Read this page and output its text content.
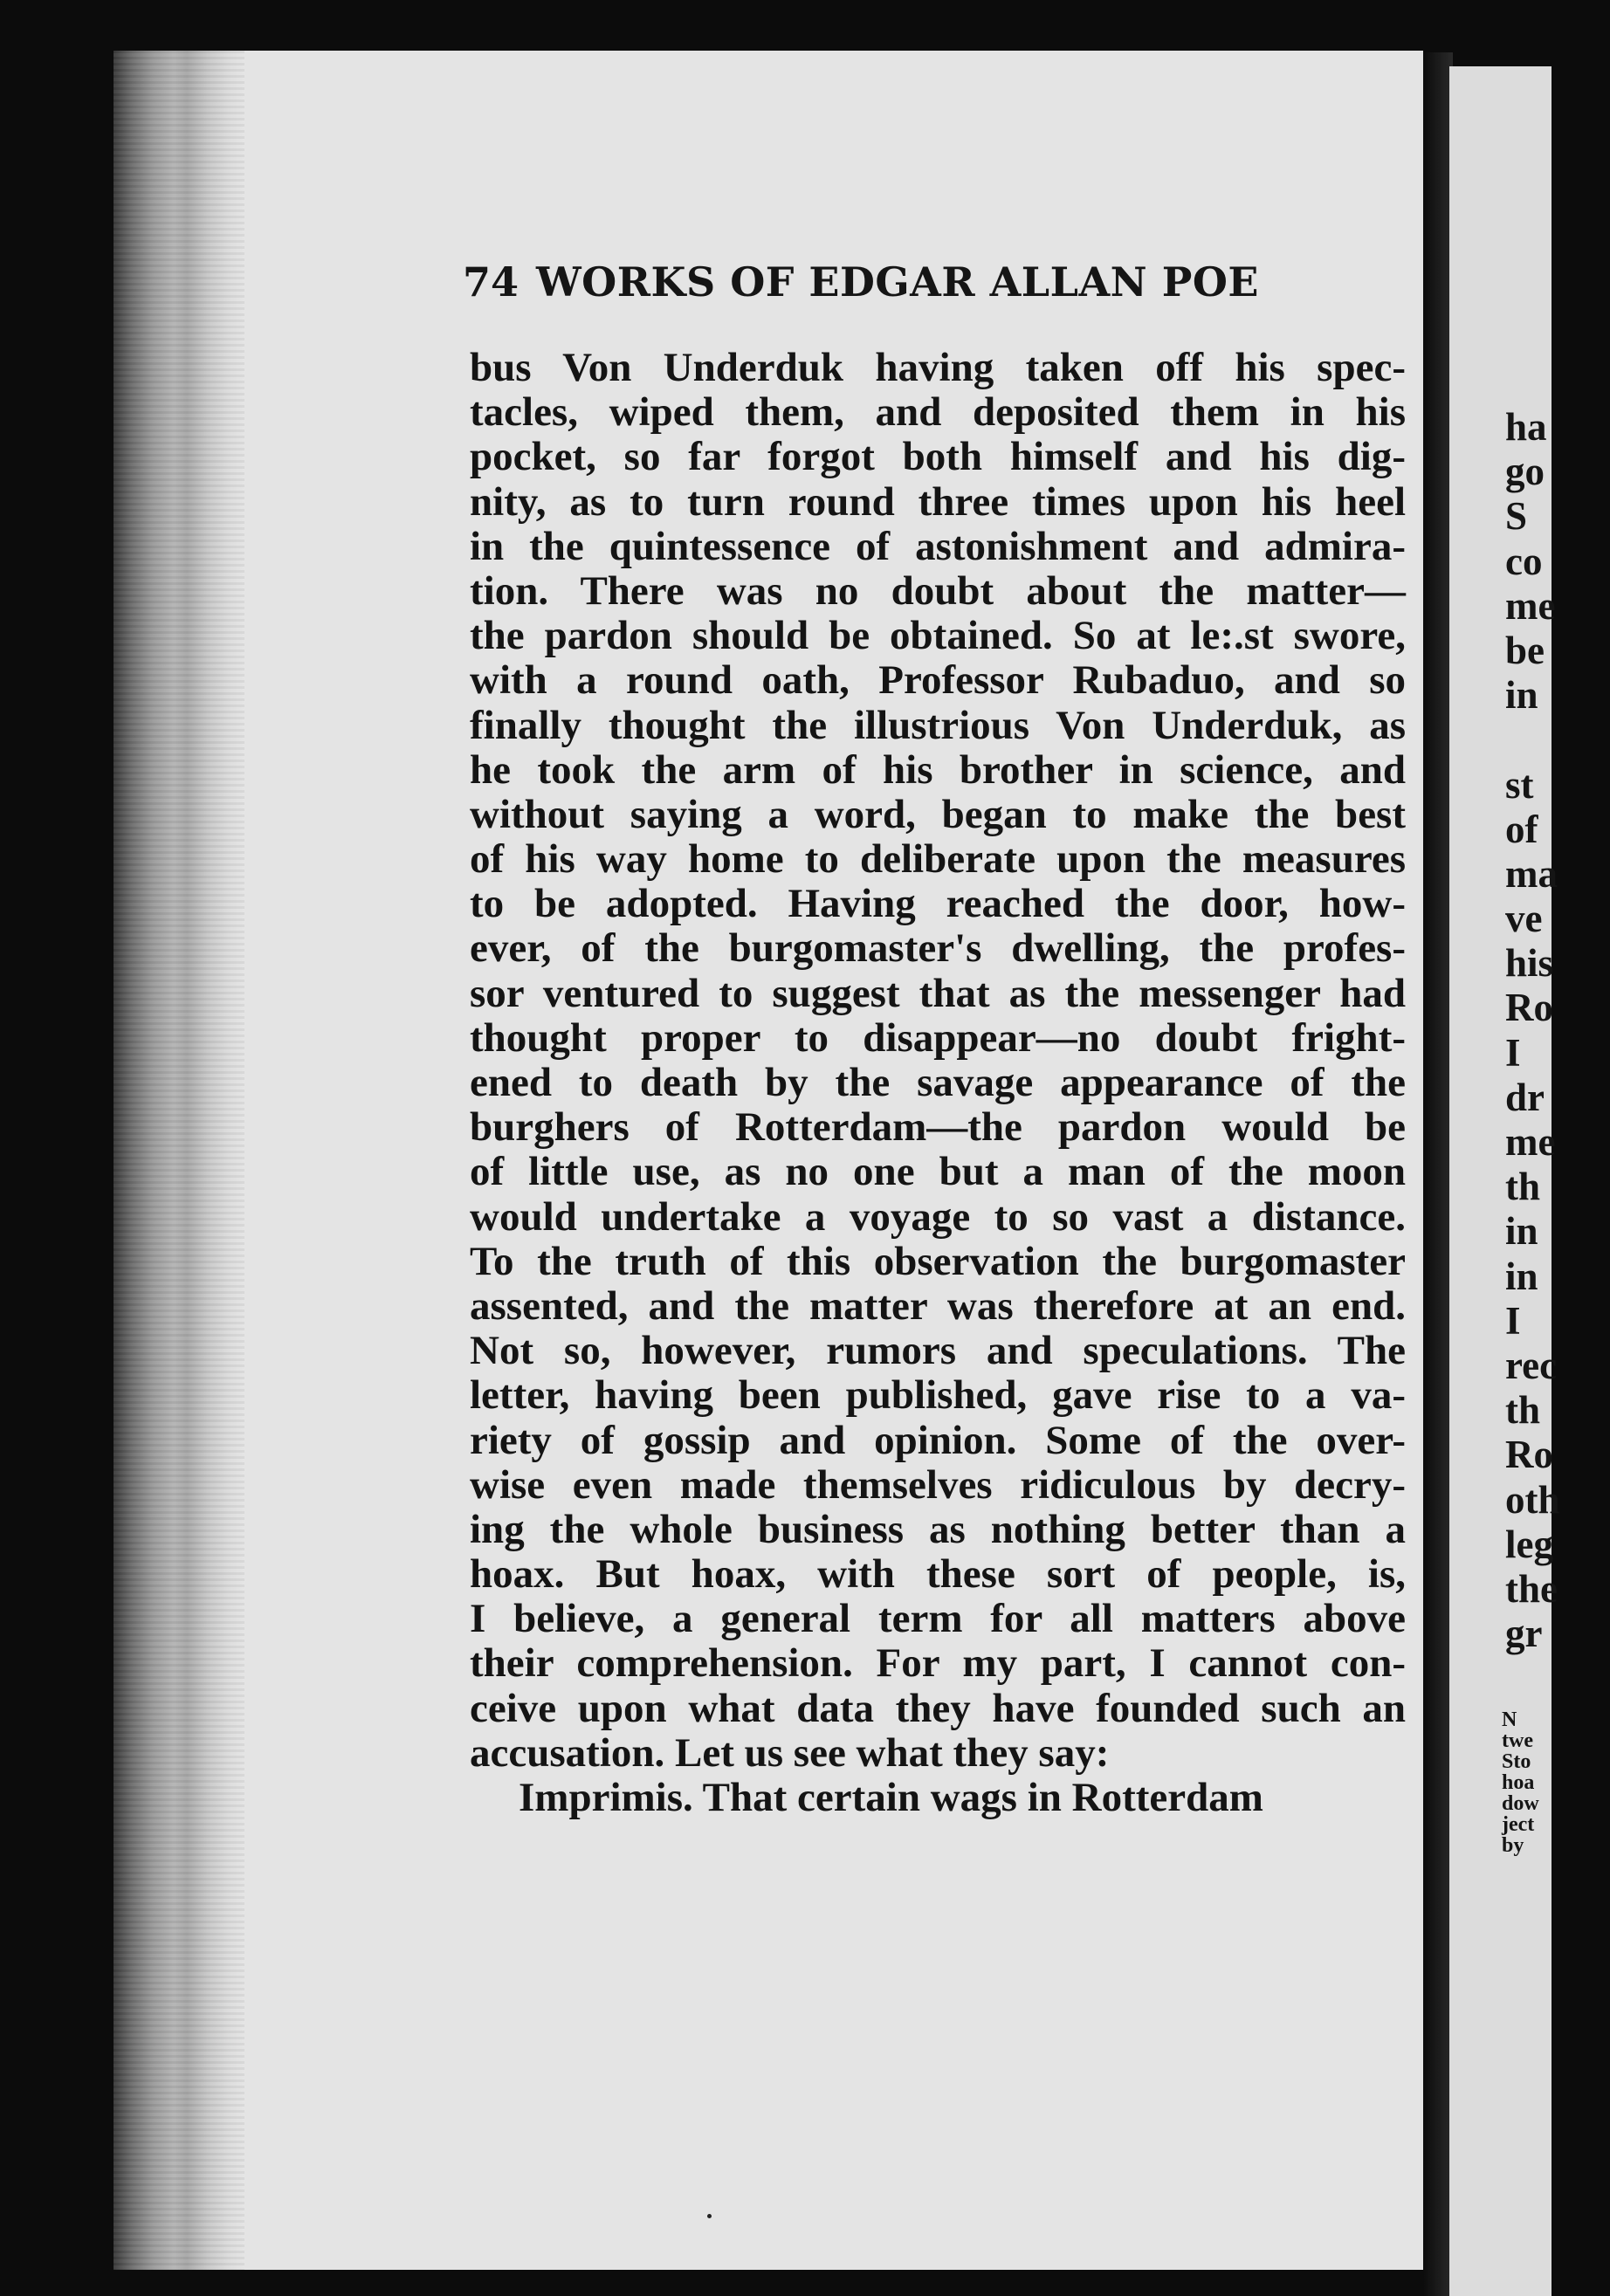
74 WORKS OF EDGAR ALLAN POE
bus Von Underduk having taken off his spec-
tacles, wiped them, and deposited them in his
pocket, so far forgot both himself and his dig-
nity, as to turn round three times upon his heel
in the quintessence of astonishment and admira-
tion. There was no doubt about the matter—
the pardon should be obtained. So at le:.st swore,
with a round oath, Professor Rubaduo, and so
finally thought the illustrious Von Underduk, as
he took the arm of his brother in science, and
without saying a word, began to make the best
of his way home to deliberate upon the measures
to be adopted. Having reached the door, how-
ever, of the burgomaster's dwelling, the profes-
sor ventured to suggest that as the messenger had
thought proper to disappear—no doubt fright-
ened to death by the savage appearance of the
burghers of Rotterdam—the pardon would be
of little use, as no one but a man of the moon
would undertake a voyage to so vast a distance.
To the truth of this observation the burgomaster
assented, and the matter was therefore at an end.
Not so, however, rumors and speculations. The
letter, having been published, gave rise to a va-
riety of gossip and opinion. Some of the over-
wise even made themselves ridiculous by decry-
ing the whole business as nothing better than a
hoax. But hoax, with these sort of people, is,
I believe, a general term for all matters above
their comprehension. For my part, I cannot con-
ceive upon what data they have founded such an
accusation. Let us see what they say:
Imprimis. That certain wags in Rotterdam
ha
go
S
co
me
be
in
st
of
ma
ve
his
Ro
I
dr
me
th
in
in
I
rec
th
Ro
oth
leg
the
gr
N
twe
Sto
hoa
dow
ject
by
